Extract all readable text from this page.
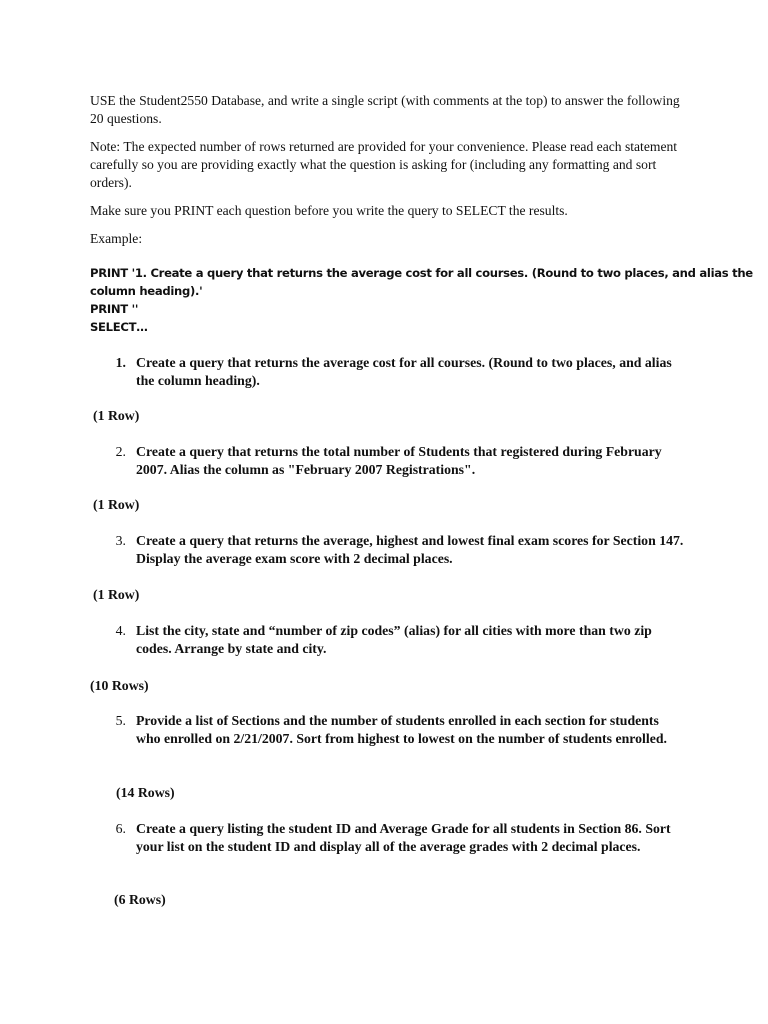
USE the Student2550 Database, and write a single script (with comments at the top) to answer the following 20 questions.

Note: The expected number of rows returned are provided for your convenience. Please read each statement carefully so you are providing exactly what the question is asking for (including any formatting and sort orders).

Make sure you PRINT each question before you write the query to SELECT the results.

Example:

PRINT '1. Create a query that returns the average cost for all courses. (Round to two places, and alias the
column heading).'
PRINT ''
SELECT…
1. Create a query that returns the average cost for all courses. (Round to two places, and alias the column heading).
(1 Row)
2. Create a query that returns the total number of Students that registered during February 2007. Alias the column as "February 2007 Registrations".
(1 Row)
3. Create a query that returns the average, highest and lowest final exam scores for Section 147. Display the average exam score with 2 decimal places.
(1 Row)
4. List the city, state and “number of zip codes” (alias) for all cities with more than two zip codes. Arrange by state and city.
(10 Rows)
5. Provide a list of Sections and the number of students enrolled in each section for students who enrolled on 2/21/2007. Sort from highest to lowest on the number of students enrolled.
(14 Rows)
6. Create a query listing the student ID and Average Grade for all students in Section 86. Sort your list on the student ID and display all of the average grades with 2 decimal places.
(6 Rows)
